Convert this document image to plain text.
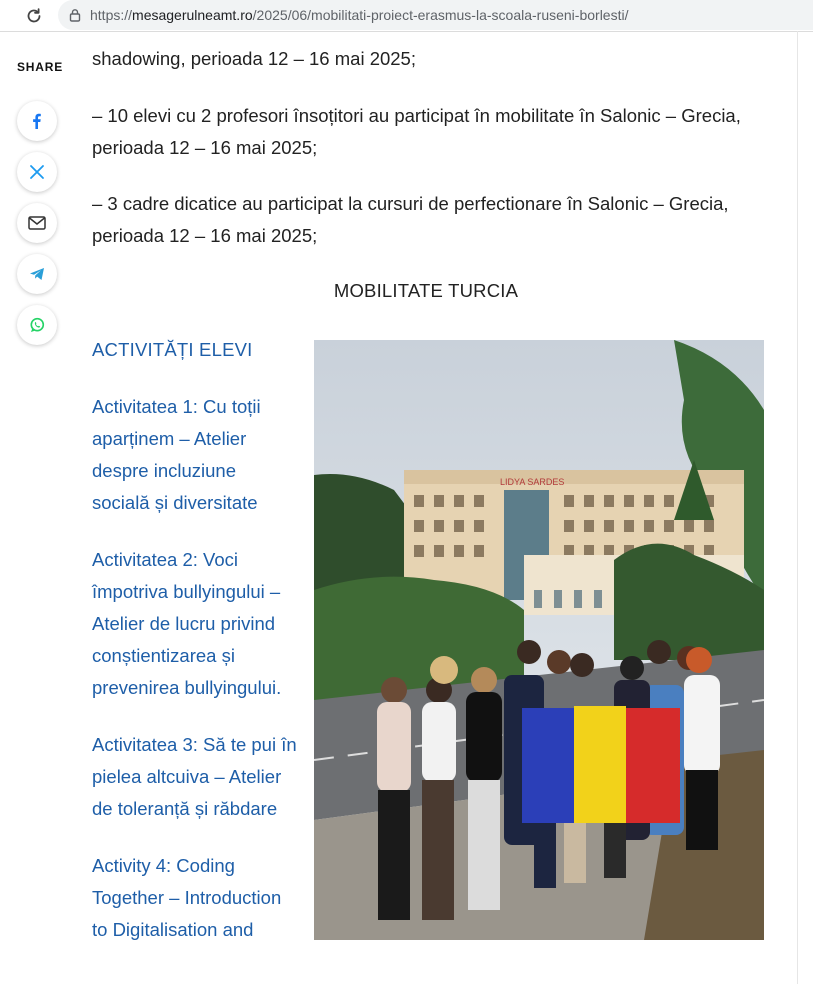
https://mesagerulneamt.ro/2025/06/mobilitati-proiect-erasmus-la-scoala-ruseni-borlesti/
SHARE shadowing, perioada 12 – 16 mai 2025;
– 10 elevi cu 2 profesori însoțitori au participat în mobilitate în Salonic – Grecia, perioada 12 – 16 mai 2025;
– 3 cadre dicatice au participat la cursuri de perfectionare în Salonic – Grecia, perioada 12 – 16 mai 2025;
MOBILITATE TURCIA
ACTIVITĂȚI ELEVI
Activitatea 1: Cu toții aparținem – Atelier despre incluziune socială și diversitate
Activitatea 2: Voci împotriva bullyingului – Atelier de lucru privind conștientizarea și prevenirea bullyingului.
Activitatea 3: Să te pui în pielea altcuiva – Atelier de toleranță și răbdare
Activity 4: Coding Together – Introduction to Digitalisation and
LIDYA SARDES
